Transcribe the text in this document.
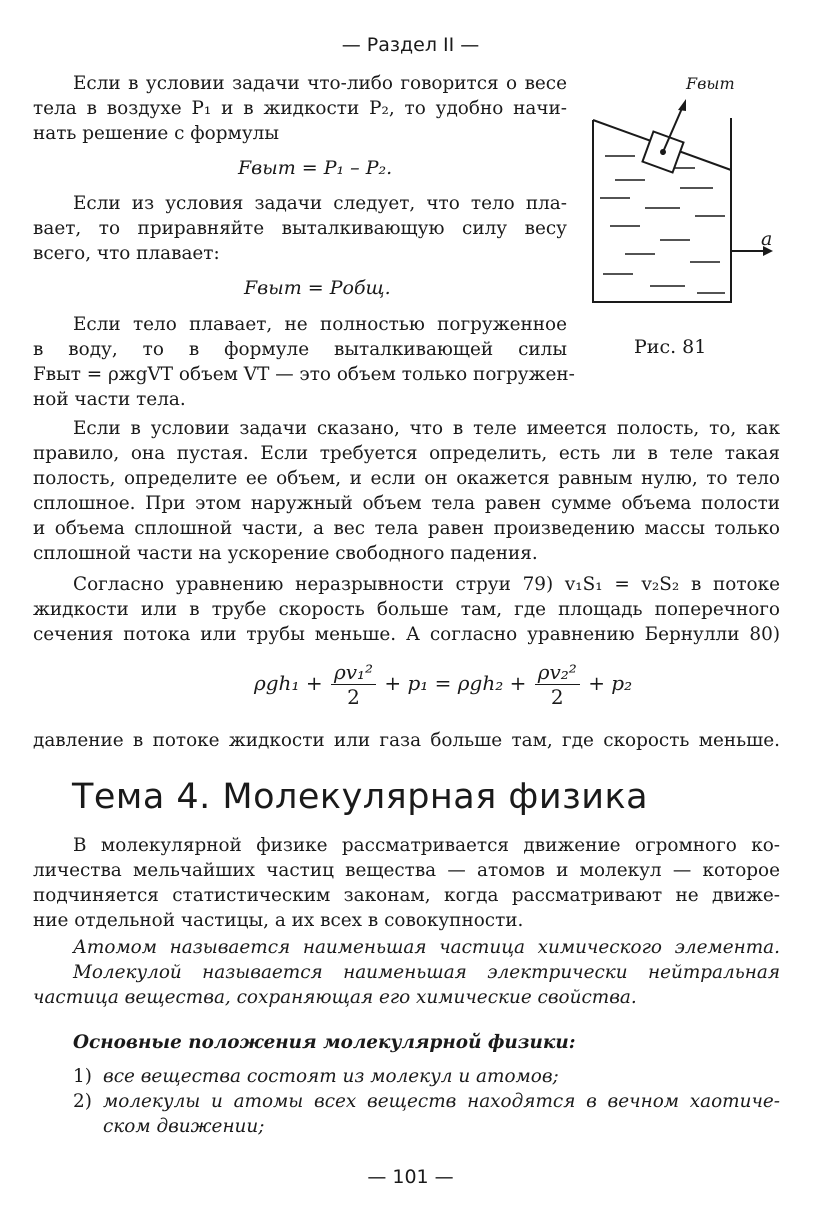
— Раздел II —
Если в условии задачи что-либо говорится о весе
тела в воздухе P₁ и в жидкости P₂, то удобно начи-
нать решение с формулы
Fвыт = P₁ – P₂.
Если из условия задачи следует, что тело пла-
вает, то приравняйте выталкивающую силу весу
всего, что плавает:
Fвыт = Pобщ.
Если тело плавает, не полностью погруженное
в воду, то в формуле выталкивающей силы
Fвыт = ρжgVТ объем VТ — это объем только погружен-
ной части тела.
Fвыт
a
Рис. 81
Если в условии задачи сказано, что в теле имеется полость, то, как
правило, она пустая. Если требуется определить, есть ли в теле такая
полость, определите ее объем, и если он окажется равным нулю, то тело
сплошное. При этом наружный объем тела равен сумме объема полости
и объема сплошной части, а вес тела равен произведению массы только
сплошной части на ускорение свободного падения.
Согласно уравнению неразрывности струи 79) v₁S₁ = v₂S₂ в потоке
жидкости или в трубе скорость больше там, где площадь поперечного
сечения потока или трубы меньше. А согласно уравнению Бернулли 80)
$\rho gh_1 + \frac{\text{ρv₁²}}{2} + p_1 = \rho gh_2 + \frac{\text{ρv₂²}}{2} + p_2$
давление в потоке жидкости или газа больше там, где скорость меньше.
Тема 4. Молекулярная физика
В молекулярной физике рассматривается движение огромного ко-
личества мельчайших частиц вещества — атомов и молекул — которое
подчиняется статистическим законам, когда рассматривают не движе-
ние отдельной частицы, а их всех в совокупности.
Атомом называется наименьшая частица химического элемента.
Молекулой называется наименьшая электрически нейтральная
частица вещества, сохраняющая его химические свойства.
Основные положения молекулярной физики:
1) все вещества состоят из молекул и атомов;
2) молекулы и атомы всех веществ находятся в вечном хаотиче-
ском движении;
— 101 —
